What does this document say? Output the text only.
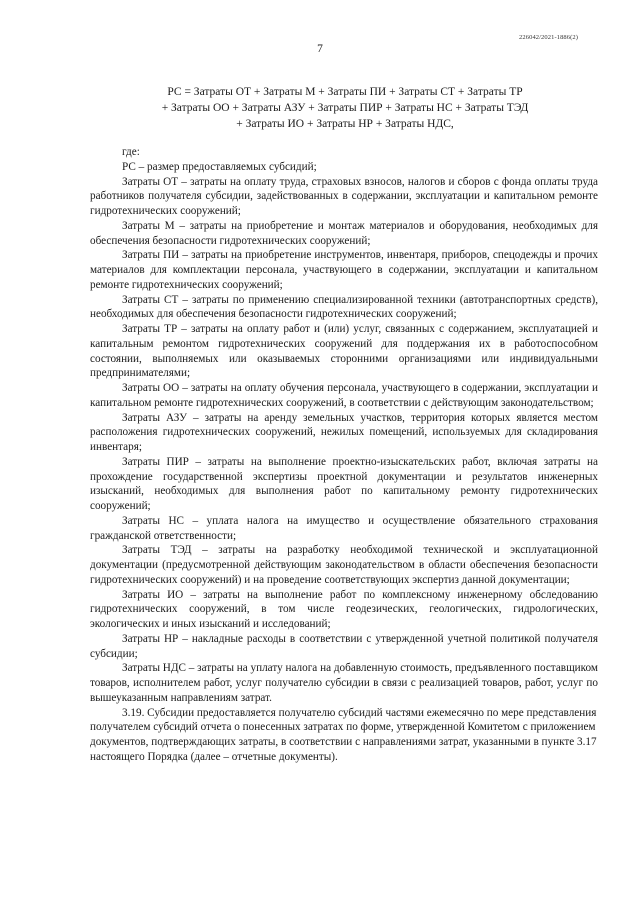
226042/2021-1886(2)
7
РС = Затраты ОТ + Затраты М + Затраты ПИ + Затраты СТ + Затраты ТР
+ Затраты ОО + Затраты АЗУ + Затраты ПИР + Затраты НС + Затраты ТЭД
+ Затраты ИО + Затраты НР + Затраты НДС,
где:

РС – размер предоставляемых субсидий;

Затраты ОТ – затраты на оплату труда, страховых взносов, налогов и сборов с фонда оплаты труда работников получателя субсидии, задействованных в содержании, эксплуатации и капитальном ремонте гидротехнических сооружений;

Затраты М – затраты на приобретение и монтаж материалов и оборудования, необходимых для обеспечения безопасности гидротехнических сооружений;

Затраты ПИ – затраты на приобретение инструментов, инвентаря, приборов, спецодежды и прочих материалов для комплектации персонала, участвующего в содержании, эксплуатации и капитальном ремонте гидротехнических сооружений;

Затраты СТ – затраты по применению специализированной техники (автотранспортных средств), необходимых для обеспечения безопасности гидротехнических сооружений;

Затраты ТР – затраты на оплату работ и (или) услуг, связанных с содержанием, эксплуатацией и капитальным ремонтом гидротехнических сооружений для поддержания их в работоспособном состоянии, выполняемых или оказываемых сторонними организациями или индивидуальными предпринимателями;

Затраты ОО – затраты на оплату обучения персонала, участвующего в содержании, эксплуатации и капитальном ремонте гидротехнических сооружений, в соответствии с действующим законодательством;

Затраты АЗУ – затраты на аренду земельных участков, территория которых является местом расположения гидротехнических сооружений, нежилых помещений, используемых для складирования инвентаря;

Затраты ПИР – затраты на выполнение проектно-изыскательских работ, включая затраты на прохождение государственной экспертизы проектной документации и результатов инженерных изысканий, необходимых для выполнения работ по капитальному ремонту гидротехнических сооружений;

Затраты НС – уплата налога на имущество и осуществление обязательного страхования гражданской ответственности;

Затраты ТЭД – затраты на разработку необходимой технической и эксплуатационной документации (предусмотренной действующим законодательством в области обеспечения безопасности гидротехнических сооружений) и на проведение соответствующих экспертиз данной документации;

Затраты ИО – затраты на выполнение работ по комплексному инженерному обследованию гидротехнических сооружений, в том числе геодезических, геологических, гидрологических, экологических и иных изысканий и исследований;

Затраты НР – накладные расходы в соответствии с утвержденной учетной политикой получателя субсидии;

Затраты НДС – затраты на уплату налога на добавленную стоимость, предъявленного поставщиком товаров, исполнителем работ, услуг получателю субсидии в связи с реализацией товаров, работ, услуг по вышеуказанным направлениям затрат.

3.19. Субсидии предоставляется получателю субсидий частями ежемесячно по мере представления получателем субсидий отчета о понесенных затратах по форме, утвержденной Комитетом с приложением документов, подтверждающих затраты, в соответствии с направлениями затрат, указанными в пункте 3.17 настоящего Порядка (далее – отчетные документы).
